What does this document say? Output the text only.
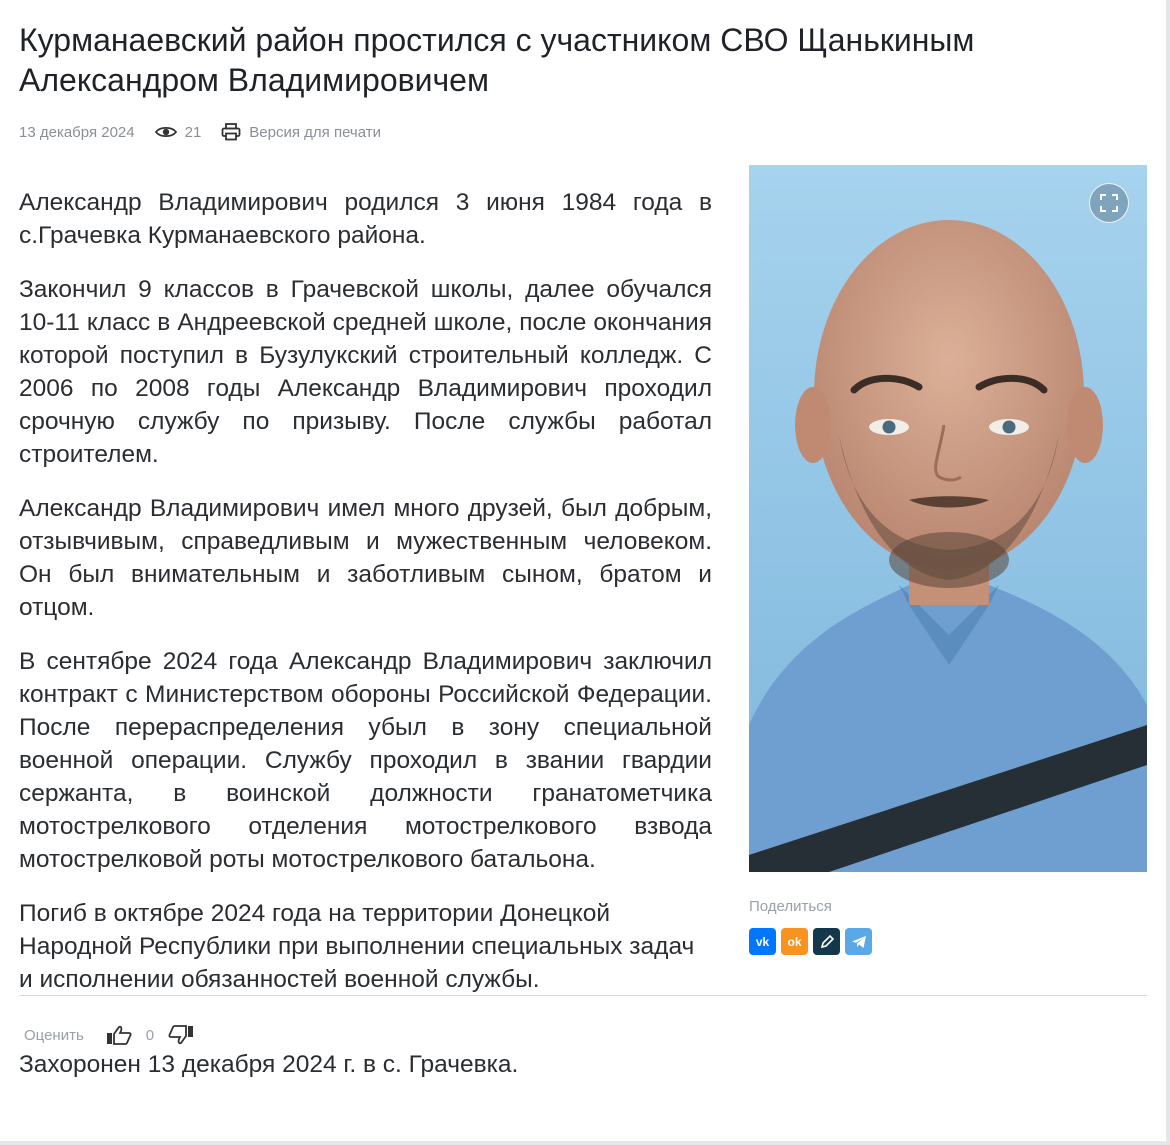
Курманаевский район простился с участником СВО Щанькиным Александром Владимировичем
13 декабря 2024	21	Версия для печати

Александр Владимирович родился 3 июня 1984 года в с.Грачевка Курманаевского района.

Закончил 9 классов в Грачевской школы, далее обучался 10-11 класс в Андреевской средней школе, после окончания которой поступил в Бузулукский строительный колледж. С 2006 по 2008 годы Александр Владимирович проходил срочную службу по призыву. После службы работал строителем.

Александр Владимирович имел много друзей, был добрым, отзывчивым, справедливым и мужественным человеком. Он был внимательным и заботливым сыном, братом и отцом.

В сентябре 2024 года Александр Владимирович заключил контракт с Министерством обороны Российской Федерации. После перераспределения убыл в зону специальной военной операции. Службу проходил в звании гвардии сержанта, в воинской должности гранатометчика мотострелкового отделения мотострелкового взвода мотострелковой роты мотострелкового батальона.

Погиб в октябре 2024 года на территории Донецкой Народной Республики при выполнении специальных задач и исполнении обязанностей военной службы.

Поделиться
vk ok
Оценить	0
Захоронен 13 декабря 2024 г. в с. Грачевка.
